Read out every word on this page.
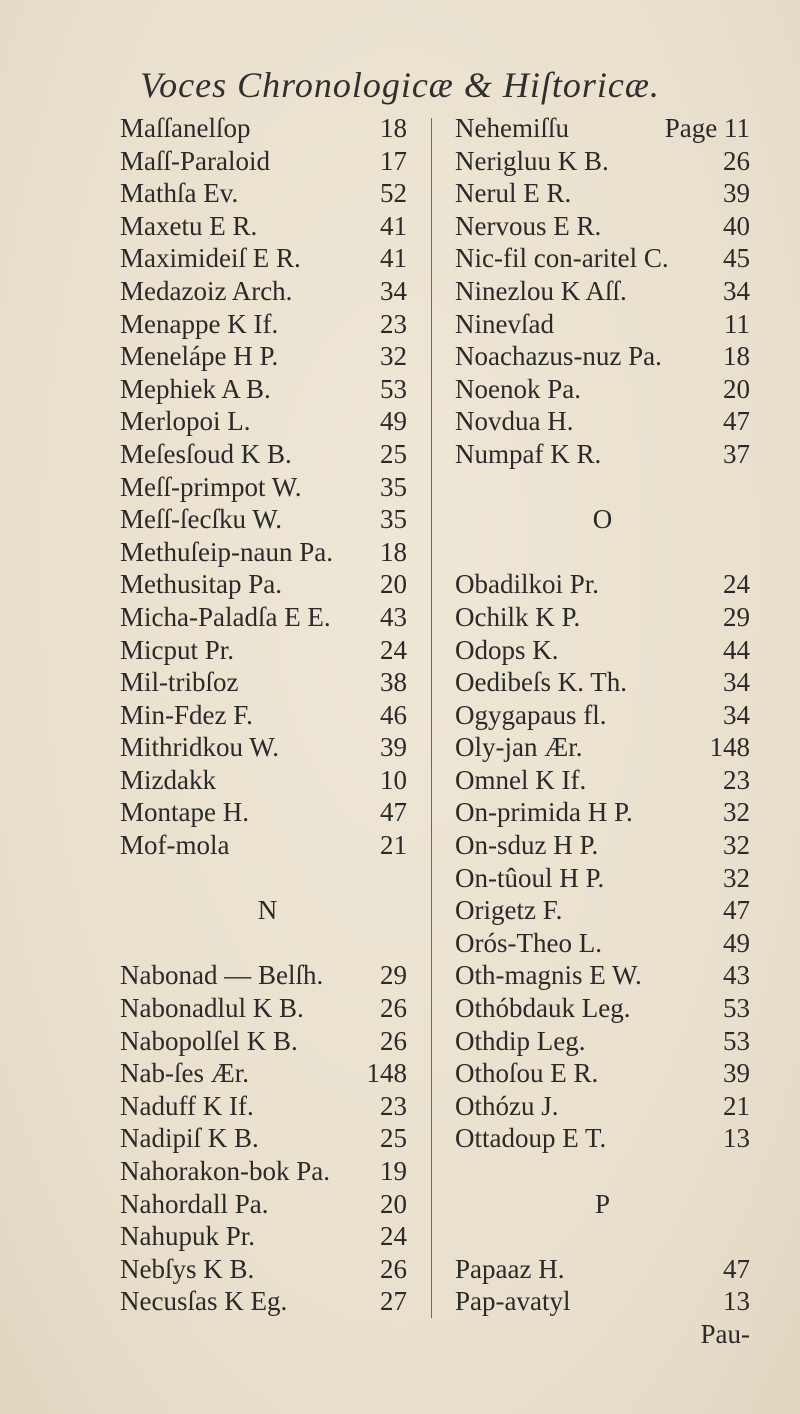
Voces Chronologicæ & Hiſtoricæ.
Maſſanelſop	18
Maſſ-Paraloid	17
Mathſa Ev.	52
Maxetu E R.	41
Maximideiſ E R.	41
Medazoiz Arch.	34
Menappe K If.	23
Menelápe H P.	32
Mephiek A B.	53
Merlopoi L.	49
Meſesſoud K B.	25
Meſſ-primpot W.	35
Meſſ-ſecſku W.	35
Methuſeip-naun Pa.	18
Methusitap Pa.	20
Micha-Paladſa E E.	43
Micput Pr.	24
Mil-tribſoz	38
Min-Fdez F.	46
Mithridkou W.	39
Mizdakk	10
Montape H.	47
Mof-mola	21
N
Nabonad — Belſh.	29
Nabonadlul K B.	26
Nabopolſel K B.	26
Nab-ſes Ær.	148
Naduff K If.	23
Nadipiſ K B.	25
Nahorakon-bok Pa.	19
Nahordall Pa.	20
Nahupuk Pr.	24
Nebſys K B.	26
Necusſas K Eg.	27
Nehemiſſu	Page 11
Nerigluu K B.	26
Nerul E R.	39
Nervous E R.	40
Nic-fil con-aritel C.	45
Ninezlou K Aſſ.	34
Ninevſad	11
Noachazus-nuz Pa.	18
Noenok Pa.	20
Novdua H.	47
Numpaf K R.	37
O
Obadilkoi Pr.	24
Ochilk K P.	29
Odops K.	44
Oedibeſs K. Th.	34
Ogygapaus fl.	34
Oly-jan Ær.	148
Omnel K If.	23
On-primida H P.	32
On-sduz H P.	32
On-tûoul H P.	32
Origetz F.	47
Orós-Theo L.	49
Oth-magnis E W.	43
Othóbdauk Leg.	53
Othdip Leg.	53
Othoſou E R.	39
Othózu J.	21
Ottadoup E T.	13
P
Papaaz H.	47
Pap-avatyl	13
Pau-
